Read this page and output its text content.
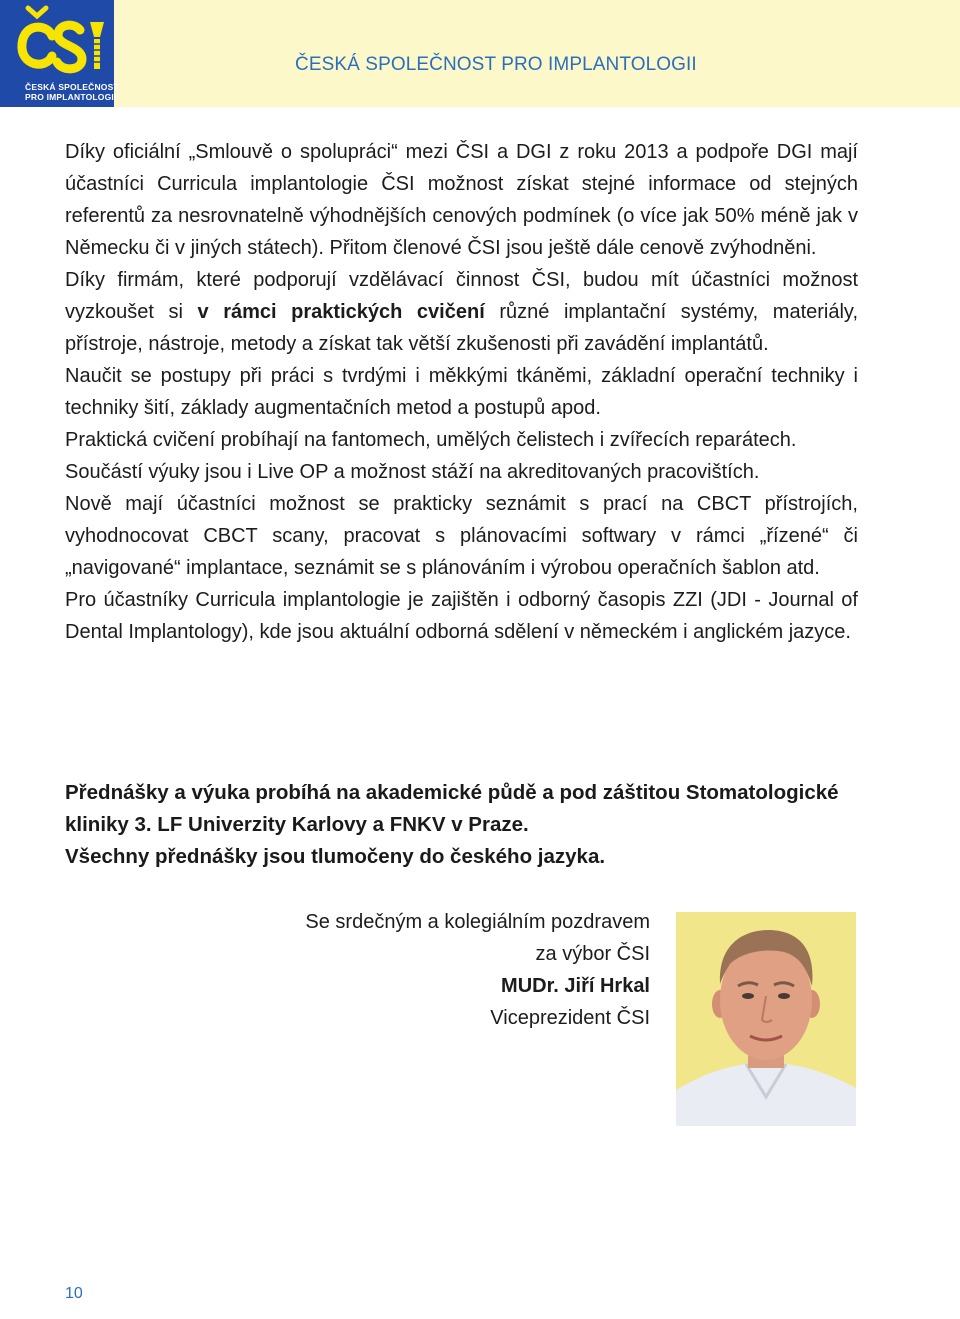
ČESKÁ SPOLEČNOST
PRO IMPLANTOLOGII
ČESKÁ SPOLEČNOST PRO IMPLANTOLOGII

Díky oficiální „Smlouvě o spolupráci“ mezi ČSI a DGI z roku 2013 a podpoře DGI mají účastníci Curricula implantologie ČSI možnost získat stejné informace od stejných referentů za nesrovnatelně výhodnějších cenových podmínek (o více jak 50% méně jak v Německu či v jiných státech). Přitom členové ČSI jsou ještě dále cenově zvýhodněni.

Díky firmám, které podporují vzdělávací činnost ČSI, budou mít účastníci možnost vyzkoušet si v rámci praktických cvičení různé implantační systémy, materiály, přístroje, nástroje, metody a získat tak větší zkušenosti při zavádění implantátů.

Naučit se postupy při práci s tvrdými i měkkými tkáněmi, základní operační techniky i techniky šití, základy augmentačních metod a postupů apod.

Praktická cvičení probíhají na fantomech, umělých čelistech i zvířecích reparátech.

Součástí výuky jsou i Live OP a možnost stáží na akreditovaných pracovištích.

Nově mají účastníci možnost se prakticky seznámit s prací na CBCT přístrojích, vyhodnocovat CBCT scany, pracovat s plánovacími softwary v rámci „řízené“ či „navigované“ implantace, seznámit se s plánováním i výrobou operačních šablon atd.

Pro účastníky Curricula implantologie je zajištěn i odborný časopis ZZI (JDI - Journal of Dental Implantology), kde jsou aktuální odborná sdělení v německém i anglickém jazyce.

Přednášky a výuka probíhá na akademické půdě a pod záštitou Stomatologické kliniky 3. LF Univerzity Karlovy a FNKV v Praze.

Všechny přednášky jsou tlumočeny do českého jazyka.

Se srdečným a kolegiálním pozdravem
za výbor ČSI
MUDr. Jiří Hrkal
Viceprezident ČSI
10
